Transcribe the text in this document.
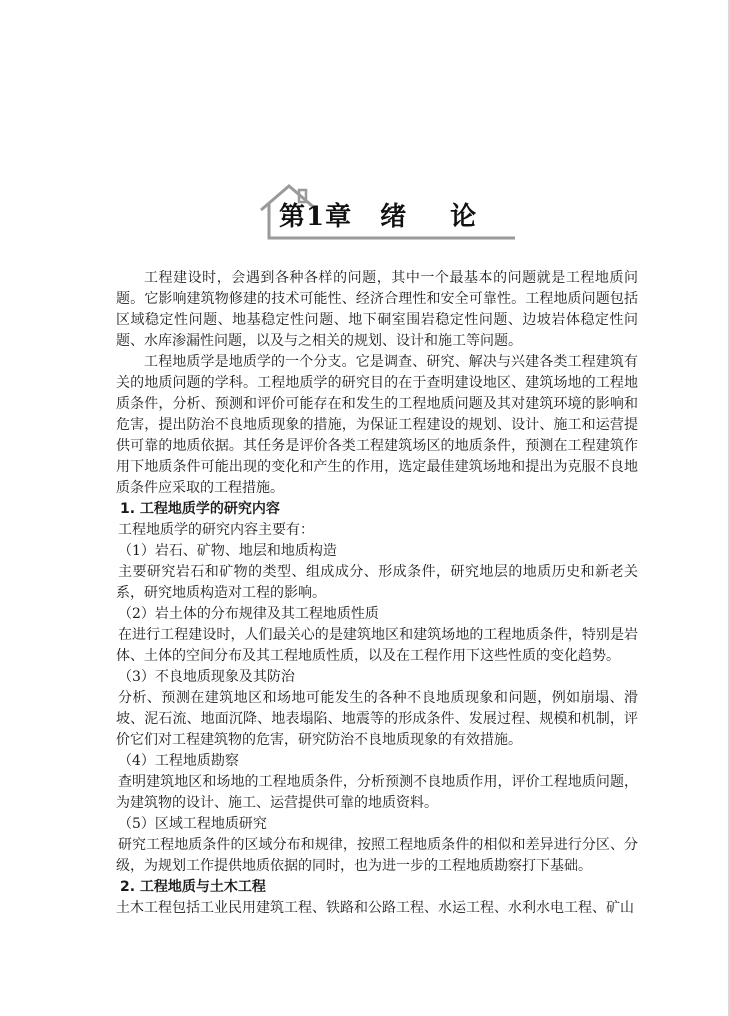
第1章 绪 论

工程建设时，会遇到各种各样的问题，其中一个最基本的问题就是工程地质问题。它影响建筑物修建的技术可能性、经济合理性和安全可靠性。工程地质问题包括区域稳定性问题、地基稳定性问题、地下硐室围岩稳定性问题、边坡岩体稳定性问题、水库渗漏性问题，以及与之相关的规划、设计和施工等问题。

工程地质学是地质学的一个分支。它是调查、研究、解决与兴建各类工程建筑有关的地质问题的学科。工程地质学的研究目的在于查明建设地区、建筑场地的工程地质条件，分析、预测和评价可能存在和发生的工程地质问题及其对建筑环境的影响和危害，提出防治不良地质现象的措施，为保证工程建设的规划、设计、施工和运营提供可靠的地质依据。其任务是评价各类工程建筑场区的地质条件，预测在工程建筑作用下地质条件可能出现的变化和产生的作用，选定最佳建筑场地和提出为克服不良地质条件应采取的工程措施。

1. 工程地质学的研究内容

工程地质学的研究内容主要有：

（1）岩石、矿物、地层和地质构造

主要研究岩石和矿物的类型、组成成分、形成条件，研究地层的地质历史和新老关系，研究地质构造对工程的影响。

（2）岩土体的分布规律及其工程地质性质

在进行工程建设时，人们最关心的是建筑地区和建筑场地的工程地质条件，特别是岩体、土体的空间分布及其工程地质性质，以及在工程作用下这些性质的变化趋势。

（3）不良地质现象及其防治

分析、预测在建筑地区和场地可能发生的各种不良地质现象和问题，例如崩塌、滑坡、泥石流、地面沉降、地表塌陷、地震等的形成条件、发展过程、规模和机制，评价它们对工程建筑物的危害，研究防治不良地质现象的有效措施。

（4）工程地质勘察

查明建筑地区和场地的工程地质条件，分析预测不良地质作用，评价工程地质问题，为建筑物的设计、施工、运营提供可靠的地质资料。

（5）区域工程地质研究

研究工程地质条件的区域分布和规律，按照工程地质条件的相似和差异进行分区、分级，为规划工作提供地质依据的同时，也为进一步的工程地质勘察打下基础。

2. 工程地质与土木工程

土木工程包括工业民用建筑工程、铁路和公路工程、水运工程、水利水电工程、矿山
